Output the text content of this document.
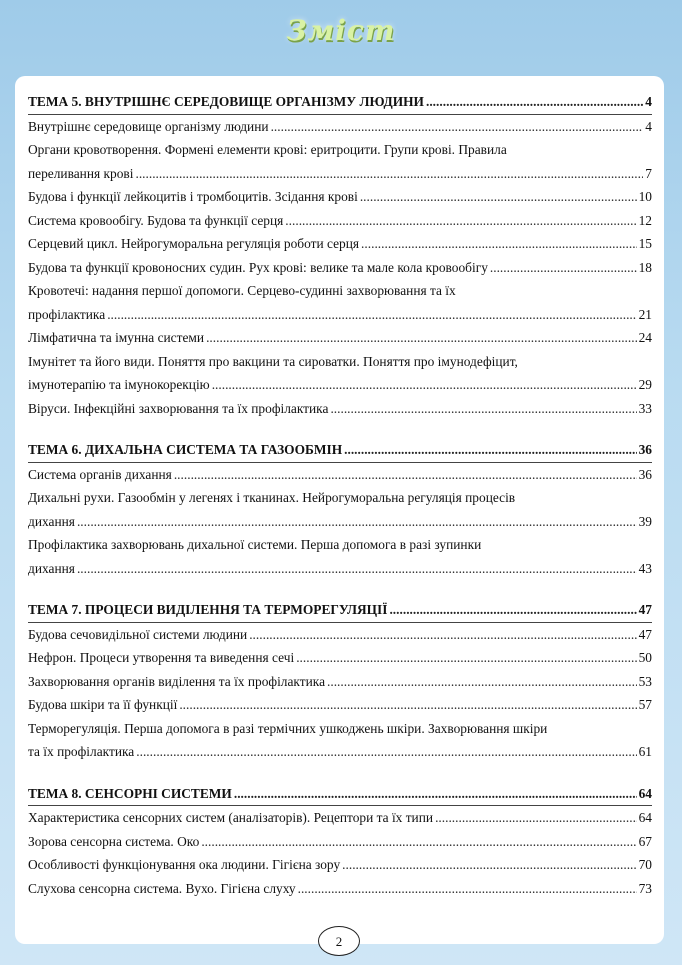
Зміст
ТЕМА 5. ВНУТРІШНЄ СЕРЕДОВИЩЕ ОРГАНІЗМУ ЛЮДИНИ .....	4
Внутрішнє середовище організму людини .....	4
Органи кровотворення. Форменi елементи крові: еритроцити. Групи крові. Правила
переливання крові .....	7
Будова і функції лейкоцитів і тромбоцитів. Зсідання крові .....	10
Система кровообігу. Будова та функції серця .....	12
Серцевий цикл. Нейрогуморальна регуляція роботи серця .....	15
Будова та функції кровоносних судин. Рух крові: велике та мале кола кровообігу .....	18
Кровотечі: надання першої допомоги. Серцево-судинні захворювання та їх
профілактика .....	21
Лімфатична та імунна системи .....	24
Імунітет та його види. Поняття про вакцини та сироватки. Поняття про імунодефіцит,
імунотерапію та імунокорекцію .....	29
Віруси. Інфекційні захворювання та їх профілактика .....	33
ТЕМА 6. ДИХАЛЬНА СИСТЕМА ТА ГАЗООБМІН .....	36
Система органів дихання .....	36
Дихальні рухи. Газообмін у легенях і тканинах. Нейрогуморальна регуляція процесів
дихання .....	39
Профілактика захворювань дихальної системи. Перша допомога в разі зупинки
дихання .....	43
ТЕМА 7. ПРОЦЕСИ ВИДІЛЕННЯ ТА ТЕРМОРЕГУЛЯЦІЇ .....	47
Будова сечовидільної системи людини .....	47
Нефрон. Процеси утворення та виведення сечі .....	50
Захворювання органів виділення та їх профілактика .....	53
Будова шкіри та її функції .....	57
Терморегуляція. Перша допомога в разі термічних ушкоджень шкіри. Захворювання шкіри
та їх профілактика .....	61
ТЕМА 8. СЕНСОРНІ СИСТЕМИ .....	64
Характеристика сенсорних систем (аналізаторів). Рецептори та їх типи .....	64
Зорова сенсорна система. Око .....	67
Особливості функціонування ока людини. Гігієна зору .....	70
Слухова сенсорна система. Вухо. Гігієна слуху .....	73
2
